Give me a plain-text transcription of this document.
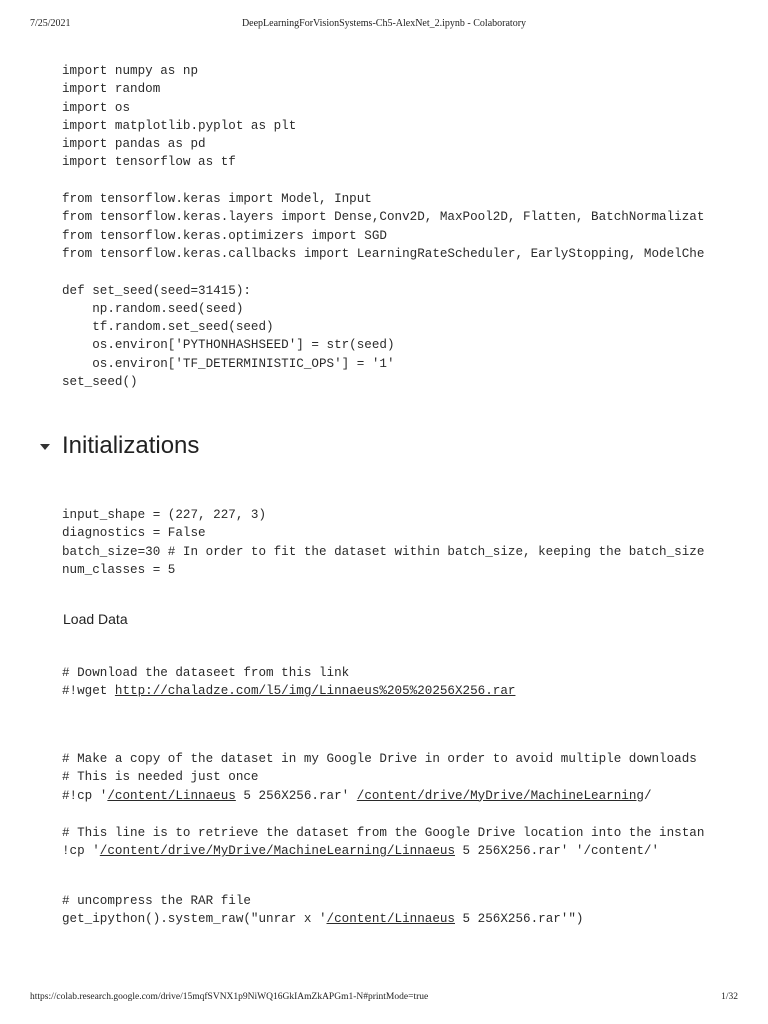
7/25/2021	DeepLearningForVisionSystems-Ch5-AlexNet_2.ipynb - Colaboratory
import numpy as np
import random
import os
import matplotlib.pyplot as plt
import pandas as pd
import tensorflow as tf
from tensorflow.keras import Model, Input
from tensorflow.keras.layers import Dense,Conv2D, MaxPool2D, Flatten, BatchNormalizat
from tensorflow.keras.optimizers import SGD
from tensorflow.keras.callbacks import LearningRateScheduler, EarlyStopping, ModelChe
def set_seed(seed=31415):
np.random.seed(seed)
tf.random.set_seed(seed)
os.environ['PYTHONHASHSEED'] = str(seed)
os.environ['TF_DETERMINISTIC_OPS'] = '1'
set_seed()
Initializations
input_shape = (227, 227, 3)
diagnostics = False
batch_size=30 # In order to fit the dataset within batch_size, keeping the batch_size
num_classes = 5
Load Data
# Download the dataseet from this link
#!wget http://chaladze.com/l5/img/Linnaeus%205%20256X256.rar
# Make a copy of the dataset in my Google Drive in order to avoid multiple downloads
# This is needed just once
#!cp '/content/Linnaeus 5 256X256.rar' /content/drive/MyDrive/MachineLearning/
# This line is to retrieve the dataset from the Google Drive location into the instan
!cp '/content/drive/MyDrive/MachineLearning/Linnaeus 5 256X256.rar' '/content/'
# uncompress the RAR file
get_ipython().system_raw("unrar x '/content/Linnaeus 5 256X256.rar'")
https://colab.research.google.com/drive/15mqfSVNX1p9NiWQ16GkIAmZkAPGm1-N#printMode=true	1/32
